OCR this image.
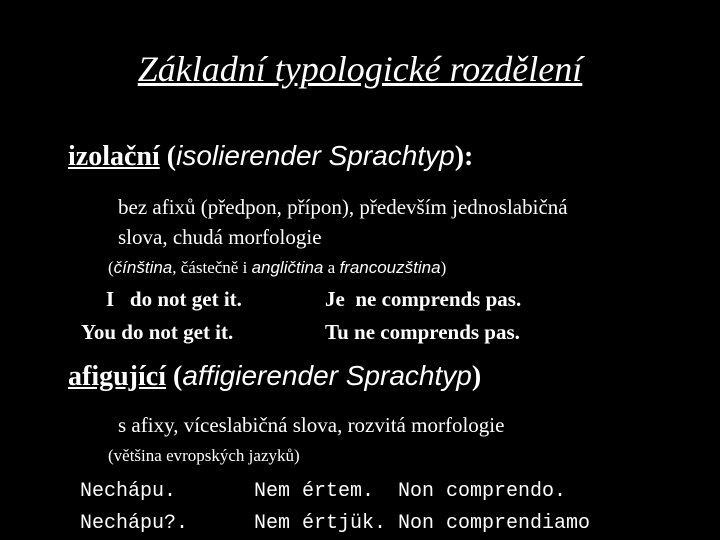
Základní typologické rozdělení
izolační (isolierender Sprachtyp):
bez afixů (předpon, přípon), především jednoslabičná
slova, chudá morfologie
(čínština, částečně i angličtina a francouzština)
I   do not get it.
You do not get it.
Je  ne comprends pas.
Tu ne comprends pas.
afigující (affigierender Sprachtyp)
s afixy, víceslabičná slova, rozvitá morfologie
(většina evropských jazyků)
Nechápu.
Nechápu?.
Nem értem.
Nem értjük.
Non comprendo.
Non comprendiamo
